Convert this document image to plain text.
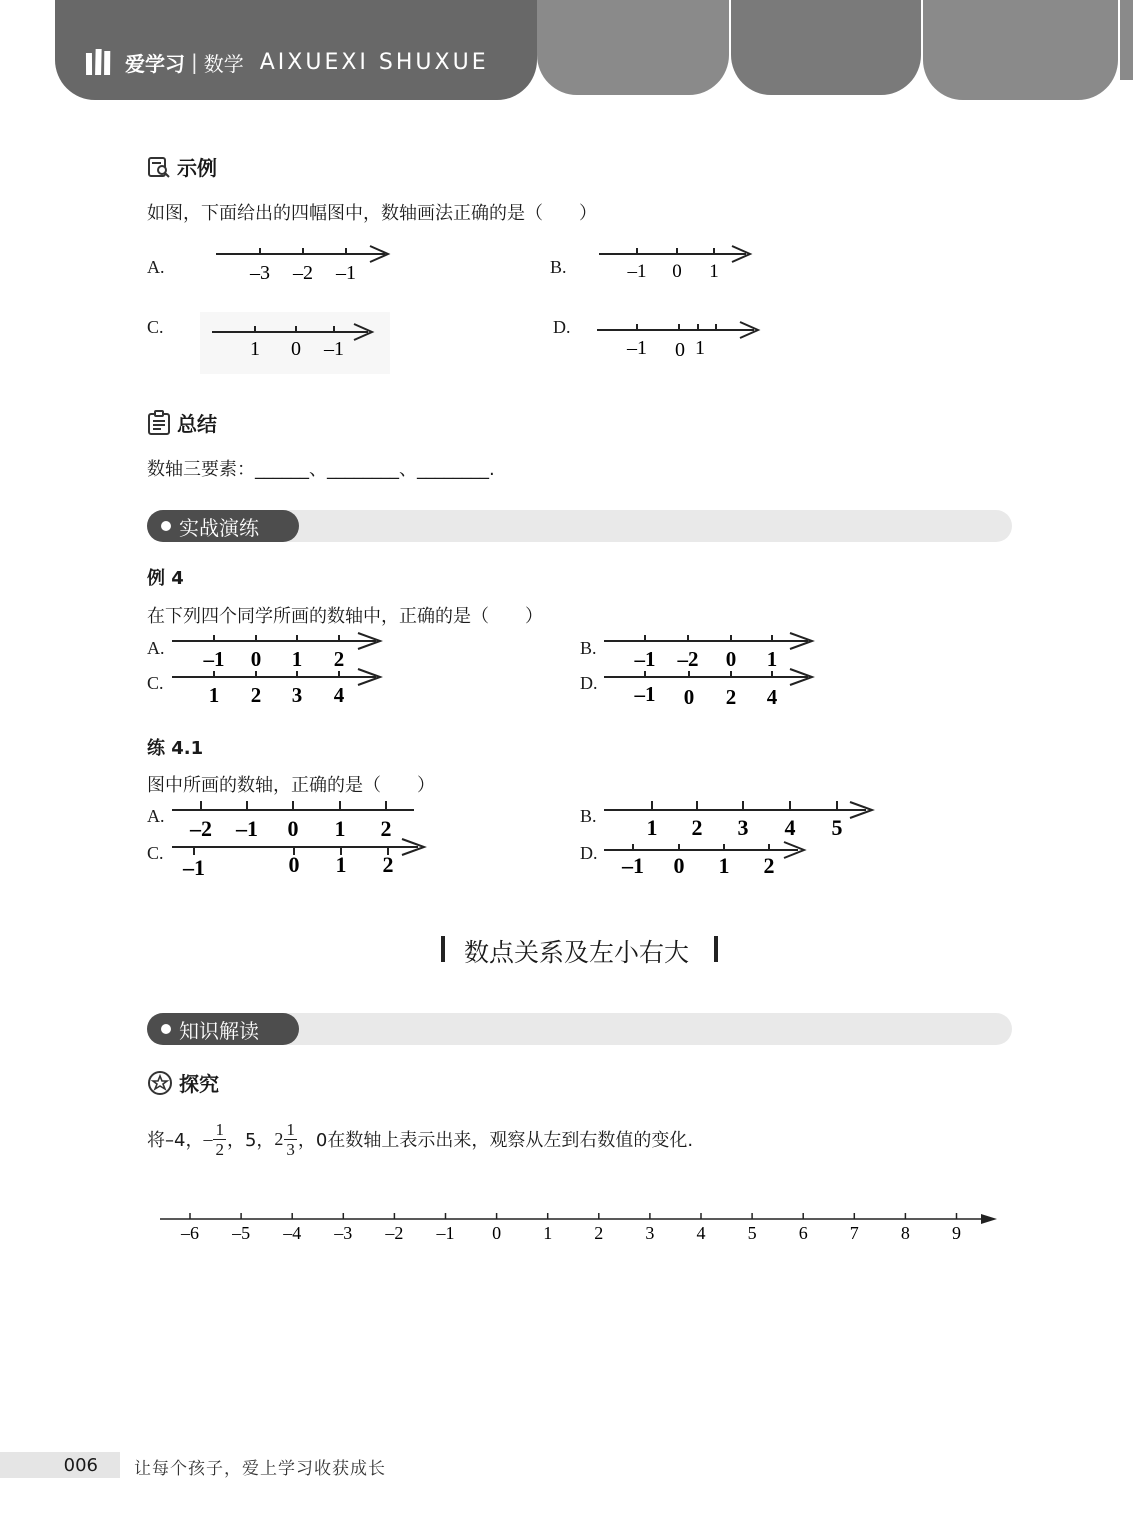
爱学习 | 数学 AIXUEXI SHUXUE
示例
如图，下面给出的四幅图中，数轴画法正确的是（　　）
A.	–3 –2 –1	B.	–1 0 1
C.
1 0 –1
D.
–1 0 1
总结
数轴三要素：______、________、________.
实战演练
例 4
在下列四个同学所画的数轴中，正确的是（　　）
A. –1 0 1 2	B. –1 –2 0 1
C. 1 2 3 4	D. –1 0 2 4
练 4.1
图中所画的数轴，正确的是（　　）
A. –2 –1 0 1 2	B. 1 2 3 4 5
C.
–1	0 1 2	D. –1 0 1 2
数点关系及左小右大
知识解读
探究
将–4， – $\frac{1}{2}$ ，5， $2 \frac{1}{3}$ ，0在数轴上表示出来，观察从左到右数值的变化.
–6 –5 –4 –3 –2 –1 0 1 2 3 4 5 6 7 8 9
006	让每个孩子，爱上学习收获成长
